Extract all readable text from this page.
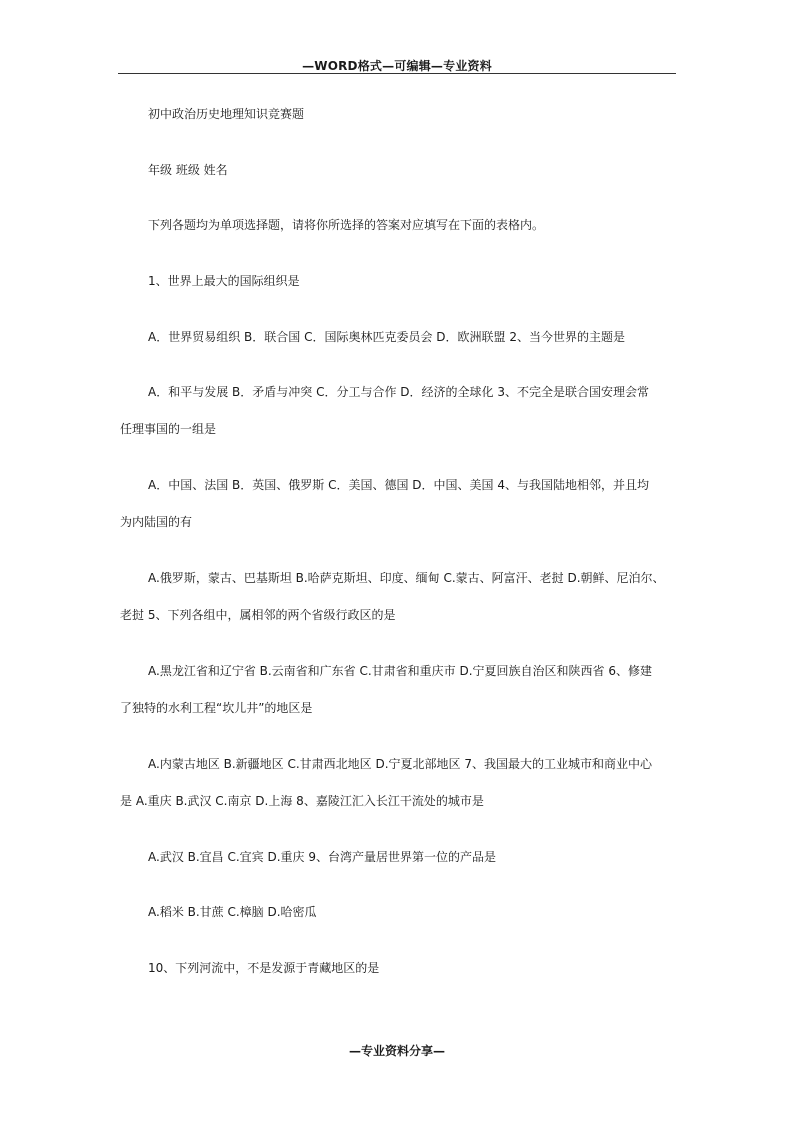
—WORD格式—可编辑—专业资料
初中政治历史地理知识竞赛题
年级 班级 姓名
下列各题均为单项选择题，请将你所选择的答案对应填写在下面的表格内。
1、世界上最大的国际组织是
A．世界贸易组织 B．联合国 C．国际奥林匹克委员会 D．欧洲联盟 2、当今世界的主题是
A．和平与发展 B．矛盾与冲突 C．分工与合作 D．经济的全球化 3、不完全是联合国安理会常
任理事国的一组是
A．中国、法国 B．英国、俄罗斯 C．美国、德国 D．中国、美国 4、与我国陆地相邻，并且均
为内陆国的有
A.俄罗斯，蒙古、巴基斯坦 B.哈萨克斯坦、印度、缅甸 C.蒙古、阿富汗、老挝 D.朝鲜、尼泊尔、
老挝 5、下列各组中，属相邻的两个省级行政区的是
A.黑龙江省和辽宁省 B.云南省和广东省 C.甘肃省和重庆市 D.宁夏回族自治区和陕西省 6、修建
了独特的水利工程“坎儿井”的地区是
A.内蒙古地区 B.新疆地区 C.甘肃西北地区 D.宁夏北部地区 7、我国最大的工业城市和商业中心
是 A.重庆 B.武汉 C.南京 D.上海 8、嘉陵江汇入长江干流处的城市是
A.武汉 B.宜昌 C.宜宾 D.重庆 9、台湾产量居世界第一位的产品是
A.稻米 B.甘蔗 C.樟脑 D.哈密瓜
10、下列河流中，不是发源于青藏地区的是
—专业资料分享—
